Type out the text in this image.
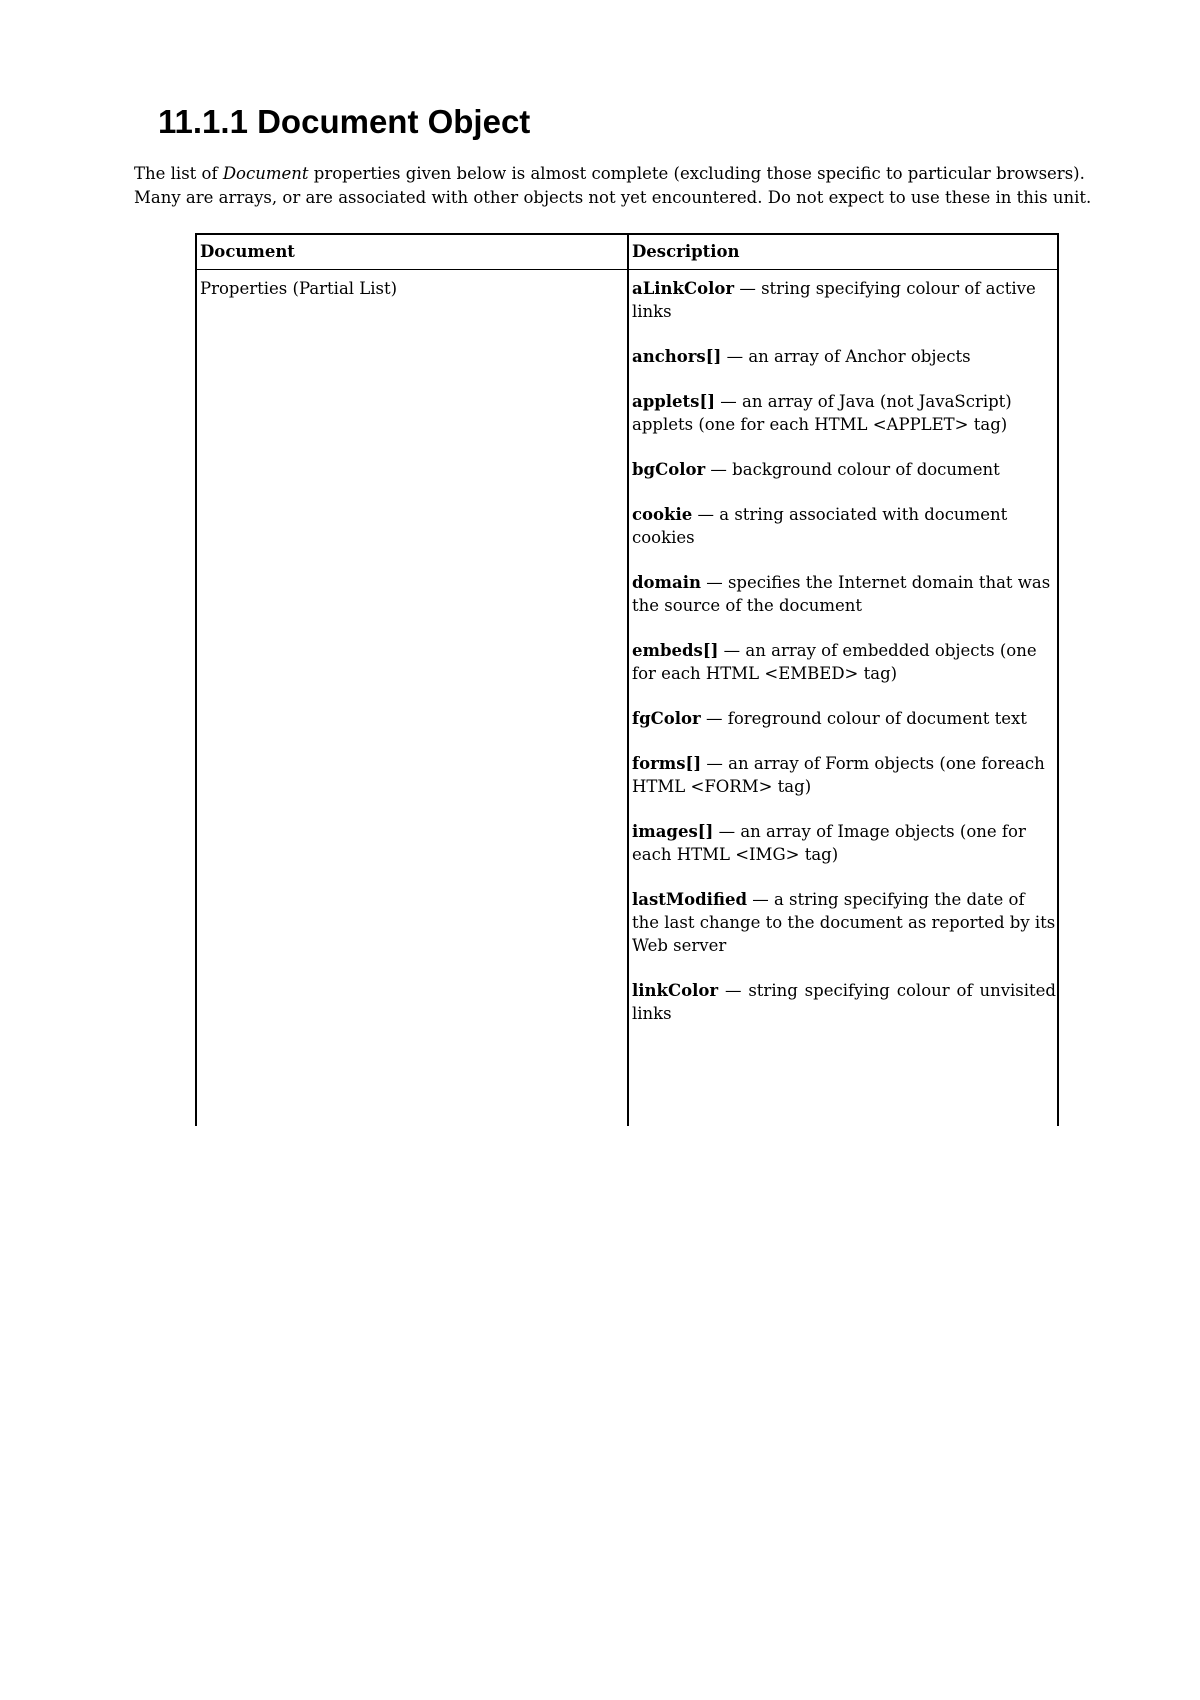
11.1.1 Document Object

The list of Document properties given below is almost complete (excluding those specific to particular browsers). Many are arrays, or are associated with other objects not yet encountered. Do not expect to use these in this unit.

Document	Description
Properties (Partial List)	aLinkColor — string specifying colour of active links

anchors[] — an array of Anchor objects

applets[] — an array of Java (not JavaScript) applets (one for each HTML <APPLET> tag)

bgColor — background colour of document

cookie — a string associated with document cookies

domain — specifies the Internet domain that was the source of the document

embeds[] — an array of embedded objects (one for each HTML <EMBED> tag)

fgColor — foreground colour of document text

forms[] — an array of Form objects (one foreach HTML <FORM> tag)

images[] — an array of Image objects (one for each HTML <IMG> tag)

lastModified — a string specifying the date of the last change to the document as reported by its Web server

linkColor — string specifying colour of unvisited links
